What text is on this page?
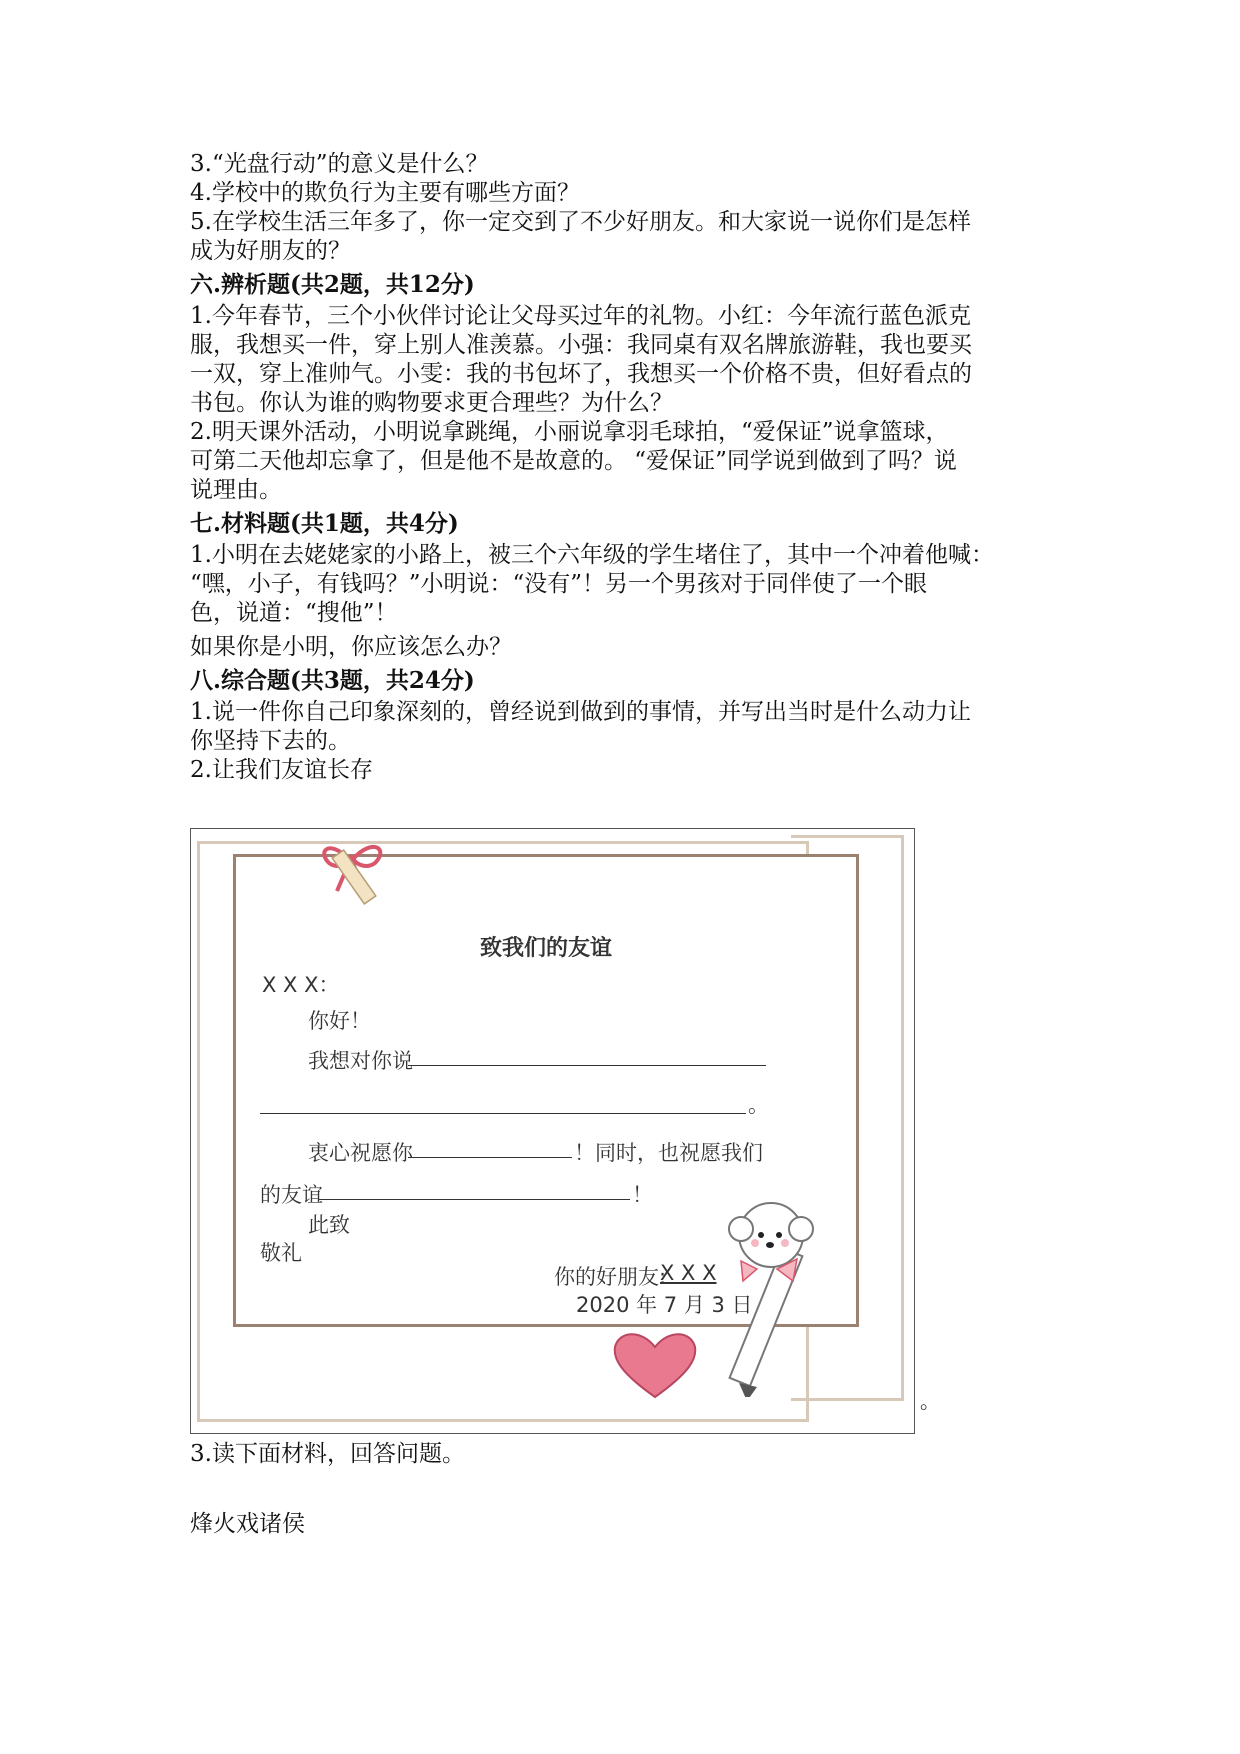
3.“光盘行动”的意义是什么？

4.学校中的欺负行为主要有哪些方面？

5.在学校生活三年多了，你一定交到了不少好朋友。和大家说一说你们是怎样

成为好朋友的？

六.辨析题(共2题，共12分)

1.今年春节，三个小伙伴讨论让父母买过年的礼物。小红：今年流行蓝色派克

服，我想买一件，穿上别人准羡慕。小强：我同桌有双名牌旅游鞋，我也要买

一双，穿上准帅气。小雯：我的书包坏了，我想买一个价格不贵，但好看点的

书包。你认为谁的购物要求更合理些？为什么？

2.明天课外活动，小明说拿跳绳，小丽说拿羽毛球拍，“爱保证”说拿篮球，

可第二天他却忘拿了，但是他不是故意的。 “爱保证”同学说到做到了吗？说

说理由。

七.材料题(共1题，共4分)

1.小明在去姥姥家的小路上，被三个六年级的学生堵住了，其中一个冲着他喊：

“嘿，小子，有钱吗？”小明说：“没有”！另一个男孩对于同伴使了一个眼

色，说道：“搜他”！

如果你是小明，你应该怎么办？

八.综合题(共3题，共24分)

1.说一件你自己印象深刻的，曾经说到做到的事情，并写出当时是什么动力让

你坚持下去的。

2.让我们友谊长存

致我们的友谊
X X X：
你好！
我想对你说
。
衷心祝愿你	！同时，也祝愿我们
的友谊	！
此致
敬礼
你的好朋友:
X X X
2020 年 7 月 3 日
。

3.读下面材料，回答问题。

烽火戏诸侯
